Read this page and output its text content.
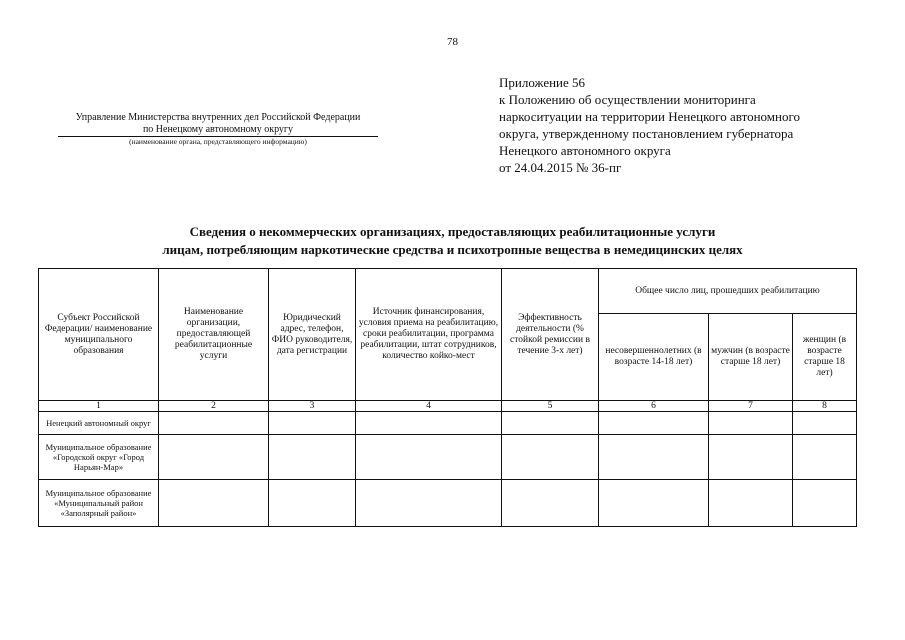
78
Приложение 56
к Положению об осуществлении мониторинга
наркоситуации на территории Ненецкого автономного
округа, утвержденному постановлением губернатора
Ненецкого автономного округа
от 24.04.2015 № 36-пг
Управление Министерства внутренних дел Российской Федерации
по Ненецкому автономному округу
(наименование органа, представляющего информацию)
Сведения о некоммерческих организациях, предоставляющих реабилитационные услуги
лицам, потребляющим наркотические средства и психотропные вещества в немедицинских целях
Субъект Российской Федерации/ наименование муниципального образования	Наименование организации, предоставляющей реабилитационные услуги	Юридический адрес, телефон, ФИО руководителя, дата регистрации	Источник финансирования, условия приема на реабилитацию, сроки реабилитации, программа реабилитации, штат сотрудников, количество койко-мест	Эффективность деятельности (% стойкой ремиссии в течение 3-х лет)	Общее число лиц, прошедших реабилитацию		
					несовершеннолетних (в возрасте 14-18 лет)	мужчин (в возрасте старше 18 лет)	женщин (в возрасте старше 18 лет)
1	2	3	4	5	6	7	8
Ненецкий автономный округ							
Муниципальное образование «Городской округ «Город Нарьян-Мар»							
Муниципальное образование «Муниципальный район «Заполярный район»							
